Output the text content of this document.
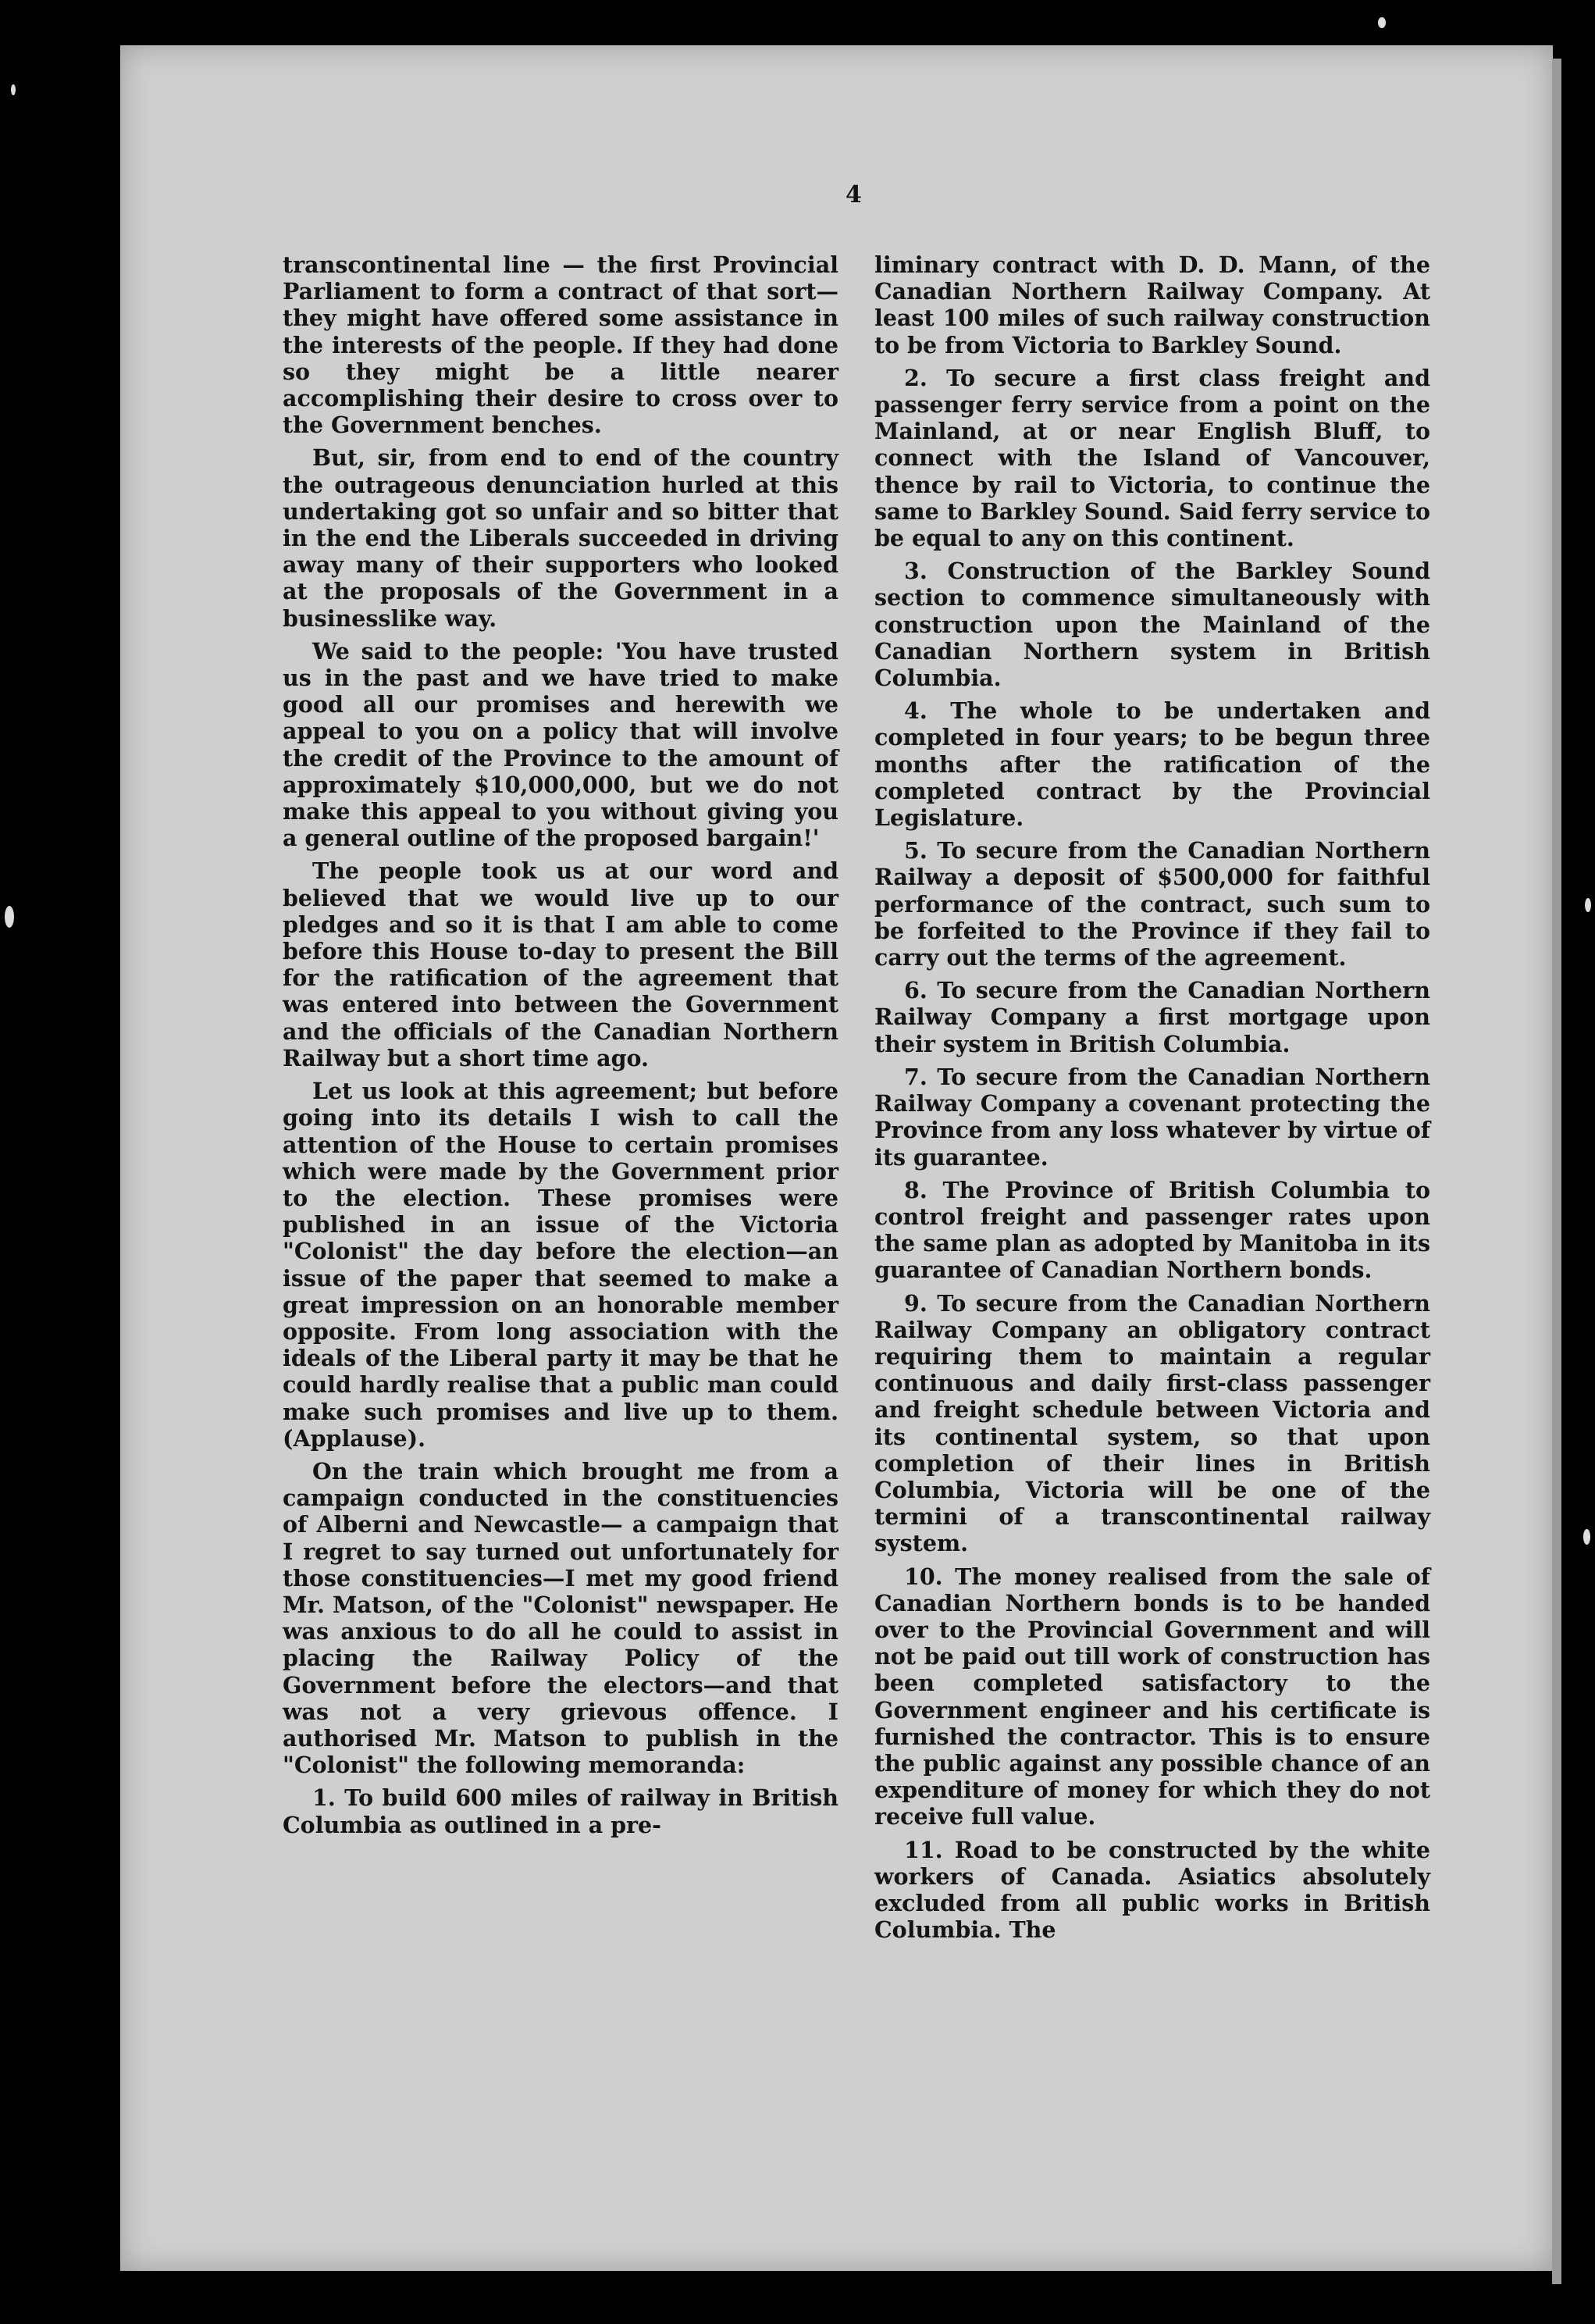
4

transcontinental line — the first Provincial Parliament to form a contract of that sort—they might have offered some assistance in the interests of the people. If they had done so they might be a little nearer accomplishing their desire to cross over to the Government benches.

But, sir, from end to end of the country the outrageous denunciation hurled at this undertaking got so unfair and so bitter that in the end the Liberals succeeded in driving away many of their supporters who looked at the proposals of the Government in a businesslike way.

We said to the people: 'You have trusted us in the past and we have tried to make good all our promises and herewith we appeal to you on a policy that will involve the credit of the Province to the amount of approximately $10,000,000, but we do not make this appeal to you without giving you a general outline of the proposed bargain!'

The people took us at our word and believed that we would live up to our pledges and so it is that I am able to come before this House to-day to present the Bill for the ratification of the agreement that was entered into between the Government and the officials of the Canadian Northern Railway but a short time ago.

Let us look at this agreement; but before going into its details I wish to call the attention of the House to certain promises which were made by the Government prior to the election. These promises were published in an issue of the Victoria "Colonist" the day before the election—an issue of the paper that seemed to make a great impression on an honorable member opposite. From long association with the ideals of the Liberal party it may be that he could hardly realise that a public man could make such promises and live up to them. (Applause).

On the train which brought me from a campaign conducted in the constituencies of Alberni and Newcastle— a campaign that I regret to say turned out unfortunately for those constituencies—I met my good friend Mr. Matson, of the "Colonist" newspaper. He was anxious to do all he could to assist in placing the Railway Policy of the Government before the electors—and that was not a very grievous offence. I authorised Mr. Matson to publish in the "Colonist" the following memoranda:

1. To build 600 miles of railway in British Columbia as outlined in a pre-

liminary contract with D. D. Mann, of the Canadian Northern Railway Company. At least 100 miles of such railway construction to be from Victoria to Barkley Sound.

2. To secure a first class freight and passenger ferry service from a point on the Mainland, at or near English Bluff, to connect with the Island of Vancouver, thence by rail to Victoria, to continue the same to Barkley Sound. Said ferry service to be equal to any on this continent.

3. Construction of the Barkley Sound section to commence simultaneously with construction upon the Mainland of the Canadian Northern system in British Columbia.

4. The whole to be undertaken and completed in four years; to be begun three months after the ratification of the completed contract by the Provincial Legislature.

5. To secure from the Canadian Northern Railway a deposit of $500,000 for faithful performance of the contract, such sum to be forfeited to the Province if they fail to carry out the terms of the agreement.

6. To secure from the Canadian Northern Railway Company a first mortgage upon their system in British Columbia.

7. To secure from the Canadian Northern Railway Company a covenant protecting the Province from any loss whatever by virtue of its guarantee.

8. The Province of British Columbia to control freight and passenger rates upon the same plan as adopted by Manitoba in its guarantee of Canadian Northern bonds.

9. To secure from the Canadian Northern Railway Company an obligatory contract requiring them to maintain a regular continuous and daily first-class passenger and freight schedule between Victoria and its continental system, so that upon completion of their lines in British Columbia, Victoria will be one of the termini of a transcontinental railway system.

10. The money realised from the sale of Canadian Northern bonds is to be handed over to the Provincial Government and will not be paid out till work of construction has been completed satisfactory to the Government engineer and his certificate is furnished the contractor. This is to ensure the public against any possible chance of an expenditure of money for which they do not receive full value.

11. Road to be constructed by the white workers of Canada. Asiatics absolutely excluded from all public works in British Columbia. The
